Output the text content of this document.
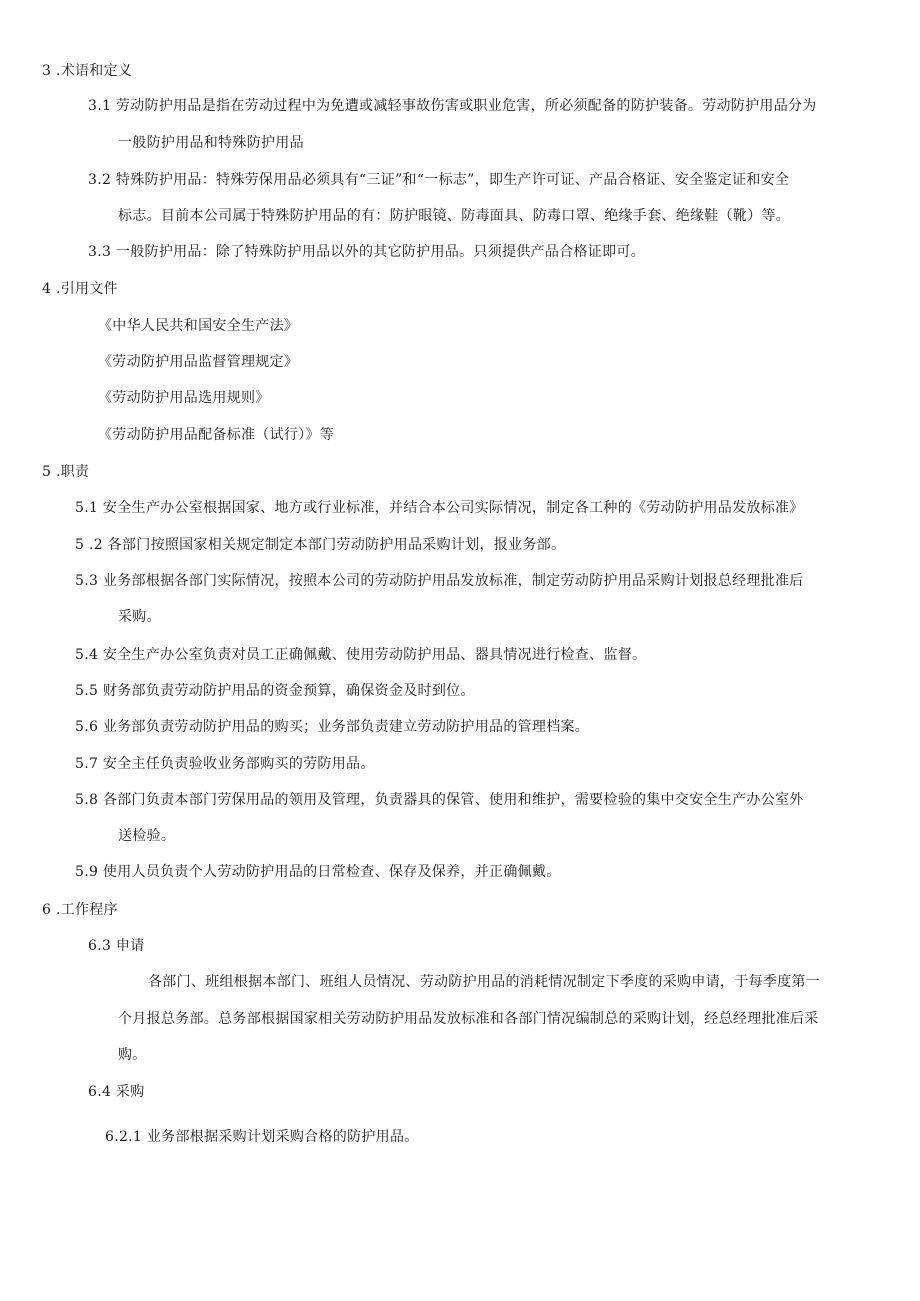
3 .术语和定义
3.1 劳动防护用品是指在劳动过程中为免遭或减轻事故伤害或职业危害，所必须配备的防护装备。劳动防护用品分为
一般防护用品和特殊防护用品
3.2 特殊防护用品：特殊劳保用品必须具有“三证”和“一标志”，即生产许可证、产品合格证、安全鉴定证和安全
标志。目前本公司属于特殊防护用品的有：防护眼镜、防毒面具、防毒口罩、绝缘手套、绝缘鞋（靴）等。
3.3 一般防护用品：除了特殊防护用品以外的其它防护用品。只须提供产品合格证即可。
4 .引用文件
《中华人民共和国安全生产法》
《劳动防护用品监督管理规定》
《劳动防护用品选用规则》
《劳动防护用品配备标准（试行）》等
5 .职责
5.1 安全生产办公室根据国家、地方或行业标准，并结合本公司实际情况，制定各工种的《劳动防护用品发放标准》
5 .2 各部门按照国家相关规定制定本部门劳动防护用品采购计划，报业务部。
5.3 业务部根据各部门实际情况，按照本公司的劳动防护用品发放标准，制定劳动防护用品采购计划报总经理批准后
采购。
5.4 安全生产办公室负责对员工正确佩戴、使用劳动防护用品、器具情况进行检查、监督。
5.5 财务部负责劳动防护用品的资金预算，确保资金及时到位。
5.6 业务部负责劳动防护用品的购买；业务部负责建立劳动防护用品的管理档案。
5.7 安全主任负责验收业务部购买的劳防用品。
5.8 各部门负责本部门劳保用品的领用及管理，负责器具的保管、使用和维护，需要检验的集中交安全生产办公室外
送检验。
5.9 使用人员负责个人劳动防护用品的日常检查、保存及保养，并正确佩戴。
6 .工作程序
6.3 申请
各部门、班组根据本部门、班组人员情况、劳动防护用品的消耗情况制定下季度的采购申请，于每季度第一
个月报总务部。总务部根据国家相关劳动防护用品发放标准和各部门情况编制总的采购计划，经总经理批准后采
购。
6.4 采购
6.2.1 业务部根据采购计划采购合格的防护用品。
